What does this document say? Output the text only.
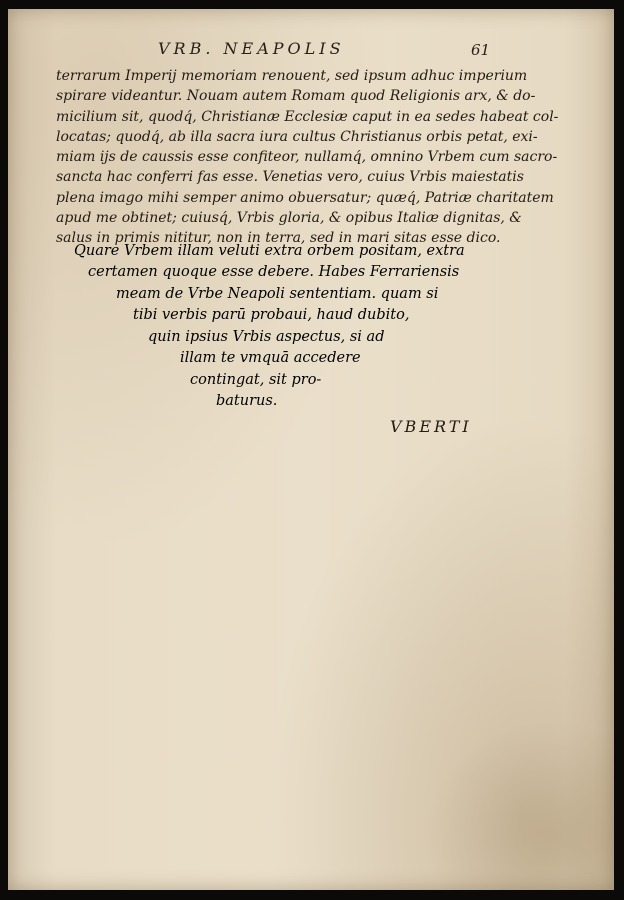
VRB. NEAPOLIS	61
terrarum Imperij memoriam renouent, sed ipsum adhuc imperium
spirare videantur. Nouam autem Romam quod Religionis arx, & do-
micilium sit, quodq́, Christianæ Ecclesiæ caput in ea sedes habeat col-
locatas; quodq́, ab illa sacra iura cultus Christianus orbis petat, exi-
miam ijs de caussis esse confiteor, nullamq́, omnino Vrbem cum sacro-
sancta hac conferri fas esse. Venetias vero, cuius Vrbis maiestatis
plena imago mihi semper animo obuersatur; quæq́, Patriæ charitatem
apud me obtinet; cuiusq́, Vrbis gloria, & opibus Italiæ dignitas, &
salus in primis nititur, non in terra, sed in mari sitas esse dico.
Quare Vrbem illam veluti extra orbem positam, extra
certamen quoque esse debere. Habes Ferrariensis
meam de Vrbe Neapoli sententiam. quam si
tibi verbis parū probaui, haud dubito,
quin ipsius Vrbis aspectus, si ad
illam te vmquā accedere
contingat, sit pro-
baturus.
VBERTI
